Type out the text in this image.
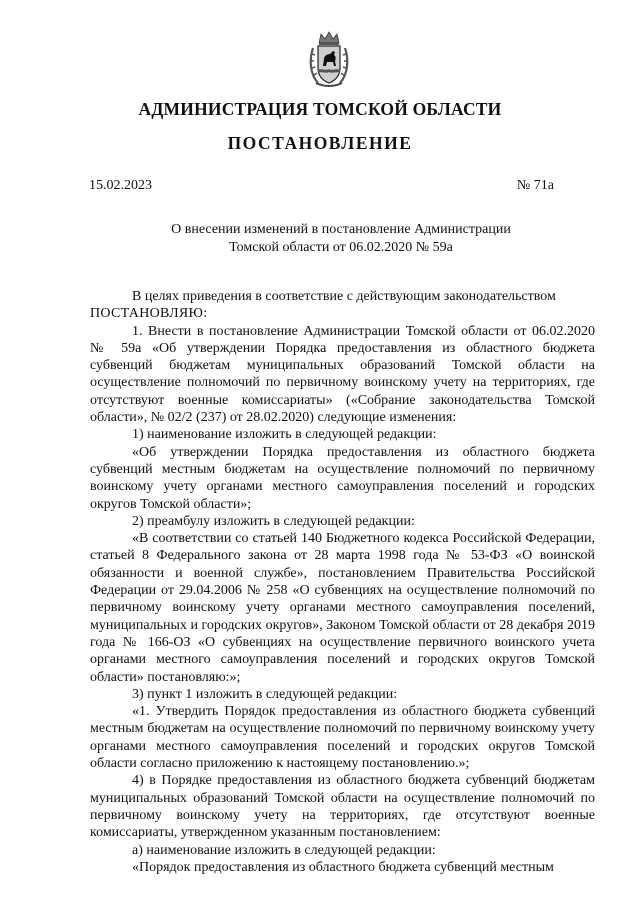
АДМИНИСТРАЦИЯ ТОМСКОЙ ОБЛАСТИ
ПОСТАНОВЛЕНИЕ
15.02.2023	№ 71а
О внесении изменений в постановление Администрации
Томской области от 06.02.2020 № 59а

В целях приведения в соответствие с действующим законодательством

ПОСТАНОВЛЯЮ:

1. Внести в постановление Администрации Томской области от 06.02.2020 № 59а «Об утверждении Порядка предоставления из областного бюджета субвенций бюджетам муниципальных образований Томской области на осуществление полномочий по первичному воинскому учету на территориях, где отсутствуют военные комиссариаты» («Собрание законодательства Томской области», № 02/2 (237) от 28.02.2020) следующие изменения:

1) наименование изложить в следующей редакции:

«Об утверждении Порядка предоставления из областного бюджета субвенций местным бюджетам на осуществление полномочий по первичному воинскому учету органами местного самоуправления поселений и городских округов Томской области»;

2) преамбулу изложить в следующей редакции:

«В соответствии со статьей 140 Бюджетного кодекса Российской Федерации, статьей 8 Федерального закона от 28 марта 1998 года № 53-ФЗ «О воинской обязанности и военной службе», постановлением Правительства Российской Федерации от 29.04.2006 № 258 «О субвенциях на осуществление полномочий по первичному воинскому учету органами местного самоуправления поселений, муниципальных и городских округов», Законом Томской области от 28 декабря 2019 года № 166-ОЗ «О субвенциях на осуществление первичного воинского учета органами местного самоуправления поселений и городских округов Томской области» постановляю:»;

3) пункт 1 изложить в следующей редакции:

«1. Утвердить Порядок предоставления из областного бюджета субвенций местным бюджетам на осуществление полномочий по первичному воинскому учету органами местного самоуправления поселений и городских округов Томской области согласно приложению к настоящему постановлению.»;

4) в Порядке предоставления из областного бюджета субвенций бюджетам муниципальных образований Томской области на осуществление полномочий по первичному воинскому учету на территориях, где отсутствуют военные комиссариаты, утвержденном указанным постановлением:

а) наименование изложить в следующей редакции:

«Порядок предоставления из областного бюджета субвенций местным
